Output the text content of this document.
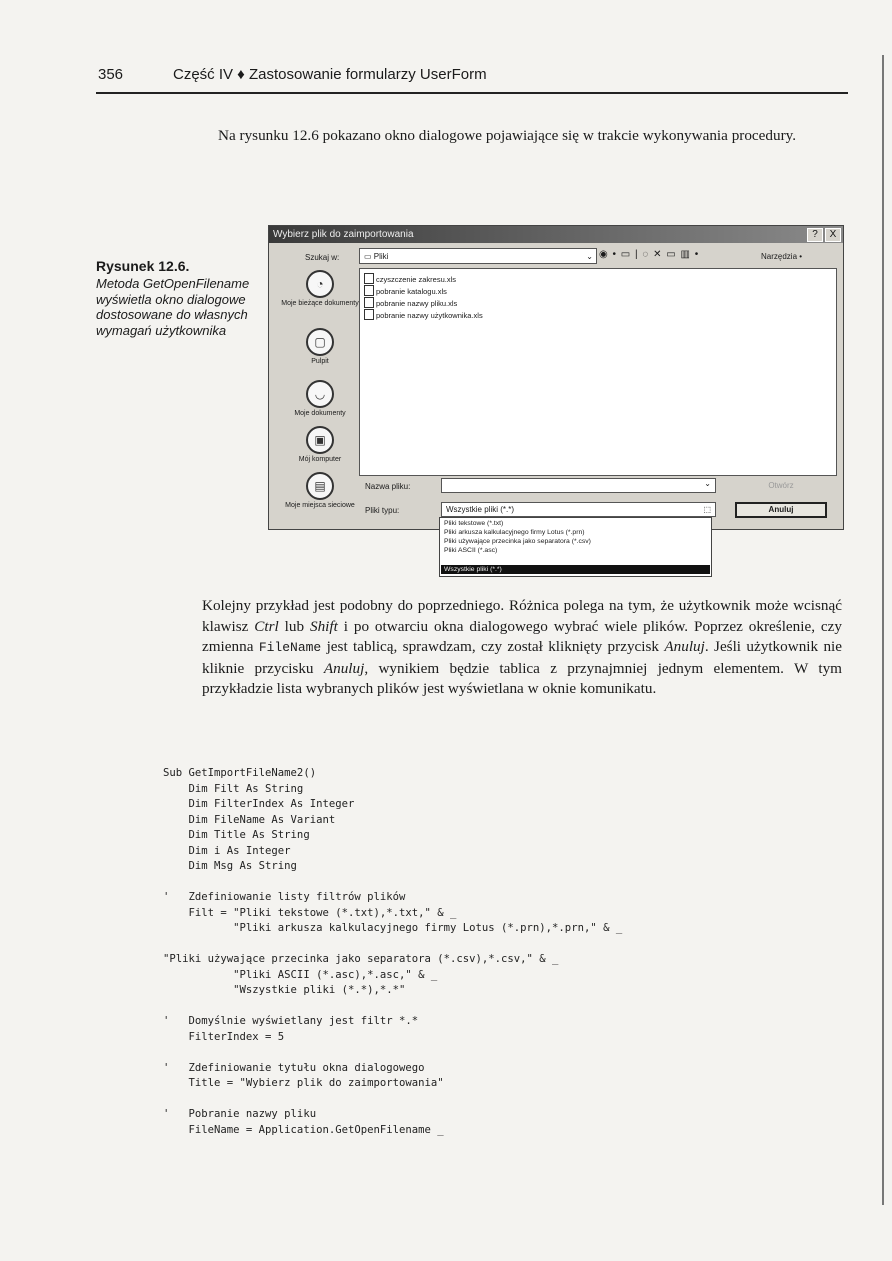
356	Część IV ♦ Zastosowanie formularzy UserForm
Na rysunku 12.6 pokazano okno dialogowe pojawiające się w trakcie wykonywania procedury.
Rysunek 12.6.
Metoda GetOpenFilename wyświetla okno dialogowe dostosowane do własnych wymagań użytkownika
Wybierz plik do zaimportowania	?	X
Szukaj w:	▭ Pliki	⌄ ◉ • ▭ | ◌ ✕ ▭ ▥ •	Narzędzia •
◔
Moje bieżące dokumenty
▢
Pulpit
◡
Moje dokumenty
▣
Mój komputer
▤
Moje miejsca sieciowe
czyszczenie zakresu.xls
pobranie katalogu.xls
pobranie nazwy pliku.xls
pobranie nazwy użytkownika.xls
Nazwa pliku:	⌄
Pliki typu:	Wszystkie pliki (*.*)	⬚
Otwórz
Anuluj
Pliki tekstowe (*.txt)
Pliki arkusza kalkulacyjnego firmy Lotus (*.prn)
Pliki używające przecinka jako separatora (*.csv)
Pliki ASCII (*.asc)
Wszystkie pliki (*.*)
Kolejny przykład jest podobny do poprzedniego. Różnica polega na tym, że użytkownik może wcisnąć klawisz Ctrl lub Shift i po otwarciu okna dialogowego wybrać wiele plików. Poprzez określenie, czy zmienna FileName jest tablicą, sprawdzam, czy został kliknięty przycisk Anuluj. Jeśli użytkownik nie kliknie przycisku Anuluj, wynikiem będzie tablica z przynajmniej jednym elementem. W tym przykładzie lista wybranych plików jest wyświetlana w oknie komunikatu.
Sub GetImportFileName2()
Dim Filt As String
Dim FilterIndex As Integer
Dim FileName As Variant
Dim Title As String
Dim i As Integer
Dim Msg As String

'   Zdefiniowanie listy filtrów plików
Filt = "Pliki tekstowe (*.txt),*.txt," & _
"Pliki arkusza kalkulacyjnego firmy Lotus (*.prn),*.prn," & _

"Pliki używające przecinka jako separatora (*.csv),*.csv," & _
"Pliki ASCII (*.asc),*.asc," & _
"Wszystkie pliki (*.*),*.*"

'   Domyślnie wyświetlany jest filtr *.*
FilterIndex = 5

'   Zdefiniowanie tytułu okna dialogowego
Title = "Wybierz plik do zaimportowania"

'   Pobranie nazwy pliku
FileName = Application.GetOpenFilename _
